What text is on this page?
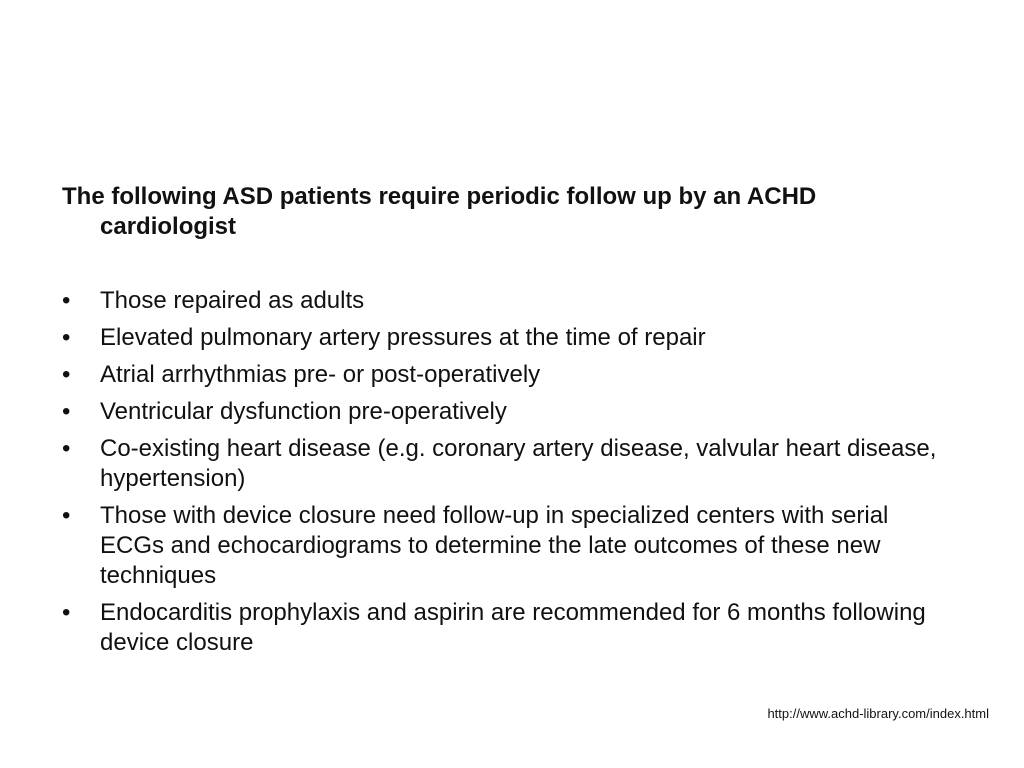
The following ASD patients require periodic follow up by an ACHD cardiologist

•	Those repaired as adults
•	Elevated pulmonary artery pressures at the time of repair
•	Atrial arrhythmias pre- or post-operatively
•	Ventricular dysfunction pre-operatively
•	Co-existing heart disease (e.g. coronary artery disease, valvular heart disease, hypertension)
•	Those with device closure need follow-up in specialized centers with serial ECGs and echocardiograms to determine the late outcomes of these new techniques
•	Endocarditis prophylaxis and aspirin are recommended for 6 months following device closure
http://www.achd-library.com/index.html
